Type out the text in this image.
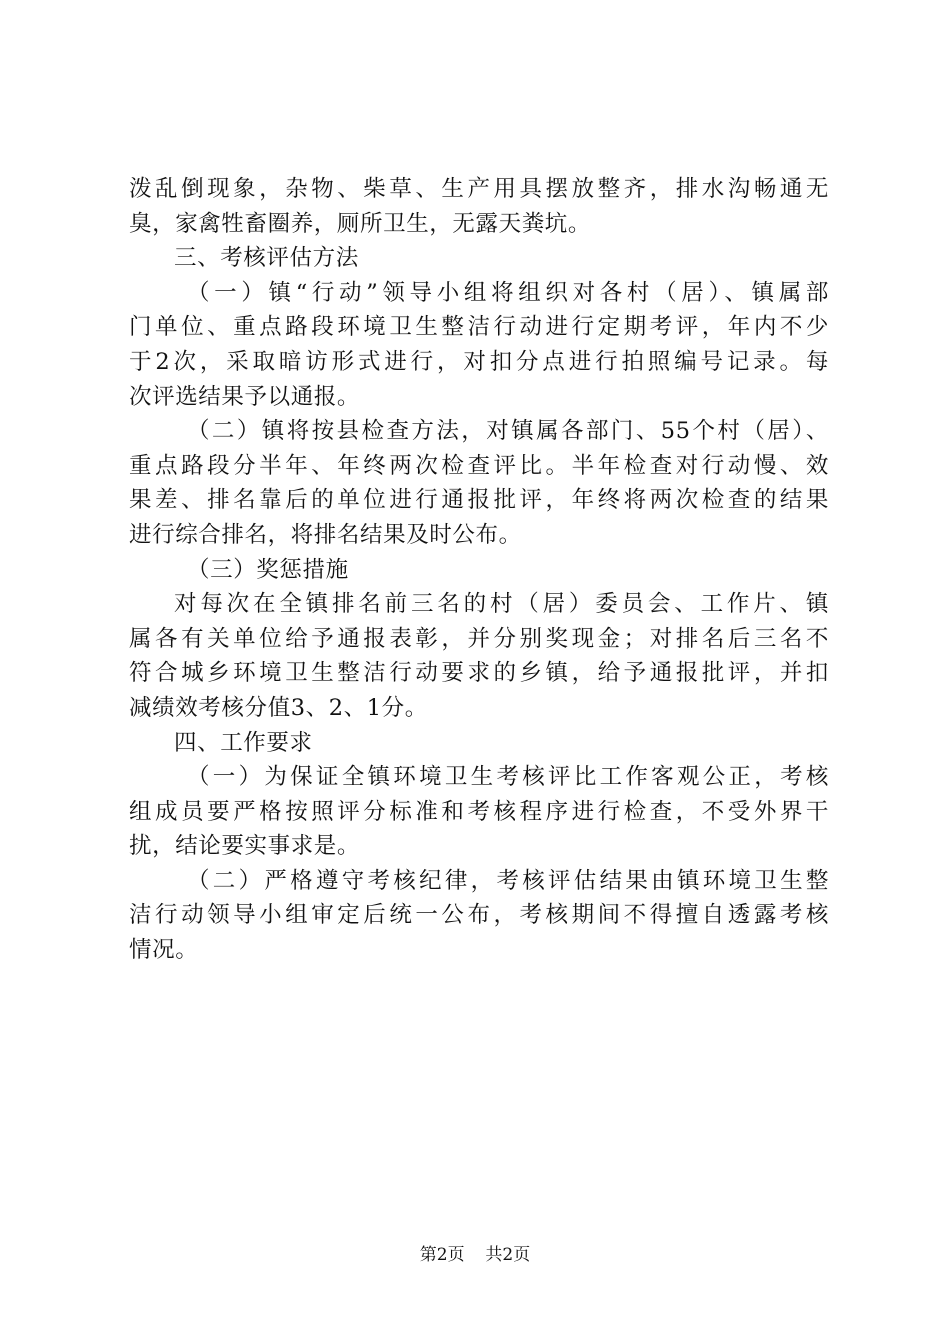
泼乱倒现象，杂物、柴草、生产用具摆放整齐，排水沟畅通无
臭，家禽牲畜圈养，厕所卫生，无露天粪坑。
三、考核评估方法
（一）镇“行动”领导小组将组织对各村（居）、镇属部
门单位、重点路段环境卫生整洁行动进行定期考评，年内不少
于2次，采取暗访形式进行，对扣分点进行拍照编号记录。每
次评选结果予以通报。
（二）镇将按县检查方法，对镇属各部门、55个村（居）、
重点路段分半年、年终两次检查评比。半年检查对行动慢、效
果差、排名靠后的单位进行通报批评，年终将两次检查的结果
进行综合排名，将排名结果及时公布。
（三）奖惩措施
对每次在全镇排名前三名的村（居）委员会、工作片、镇
属各有关单位给予通报表彰，并分别奖现金；对排名后三名不
符合城乡环境卫生整洁行动要求的乡镇，给予通报批评，并扣
减绩效考核分值3、2、1分。
四、工作要求
（一）为保证全镇环境卫生考核评比工作客观公正，考核
组成员要严格按照评分标准和考核程序进行检查，不受外界干
扰，结论要实事求是。
（二）严格遵守考核纪律，考核评估结果由镇环境卫生整
洁行动领导小组审定后统一公布，考核期间不得擅自透露考核
情况。
第2页 共2页
